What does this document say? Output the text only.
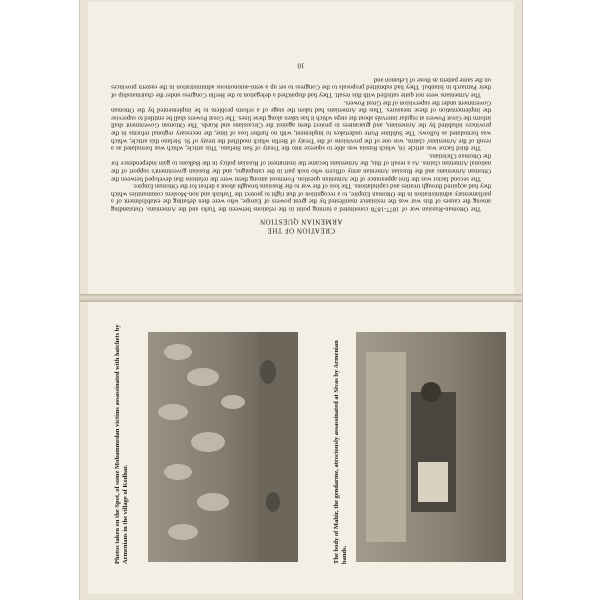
CREATION OF THE
ARMENIAN QUESTION

The Ottoman-Russian war of 1877-1878 constituted a turning point in the relations between the Turks and the Armenians. Outstanding among the causes of this war was the resistance manifested by the great powers of Europe, who were then debating the establishment of a parliamentary administration in the Ottoman Empire, to a recognition of that right to protect the Turkish and non-Moslem communities which they had acquired through treaties and capitulations. The loss of the war to the Russians brought about a defeat for the Ottoman Empire.

The second factor was the first appearance of the Armenian question. Foremost among them were the relations that developed between the Ottoman Armenians and the Russian Armenian army officers who took part in the campaigns, and the Russian government's support of the national Armenian claims. As a result of this, the Armenians became the instrument of Russian policy in the Balkans to gain independence for the Ottoman Christians.

The third factor was article 16, which Russia was able to squeeze into the Treaty of San Stefano. This article, which was formulated as a result of the Armenians' claims, was one of the provisions of the Treaty of Berlin which modified the treaty of St. Stefano this article, which was formulated as follows: The Sublime Porte undertakes to implement, with no further loss of time, the necessary regional reforms in the provinces inhabited by the Armenians, and guarantees to protect them against the Circassians and Kurds. The Ottoman Government shall inform the Great Powers at regular intervals about the steps which it has taken along these lines. The Great Powers shall be entitled to supervise the implementation of these measures. Thus the Armenians had taken the stage of a reform problem to be implemented by the Ottoman Government under the supervision of the Great Powers.

The Armenians were not quite satisfied with this result. They had dispatched a delegation to the Berlin Congress under the chairmanship of their Patriarch in Istanbul. They had submitted proposals to the Congress to set up a semi-autonomous administration in the eastern provinces on the same pattern as those of Lebanon and

10
Photos taken on the Spot, of some Mohammedan victims assassinated with hatchets by Armenians in the village of Kodhar.	The body of Mahir, the gendarme, atrociously assassinated at Sivas by Armenian bands.
